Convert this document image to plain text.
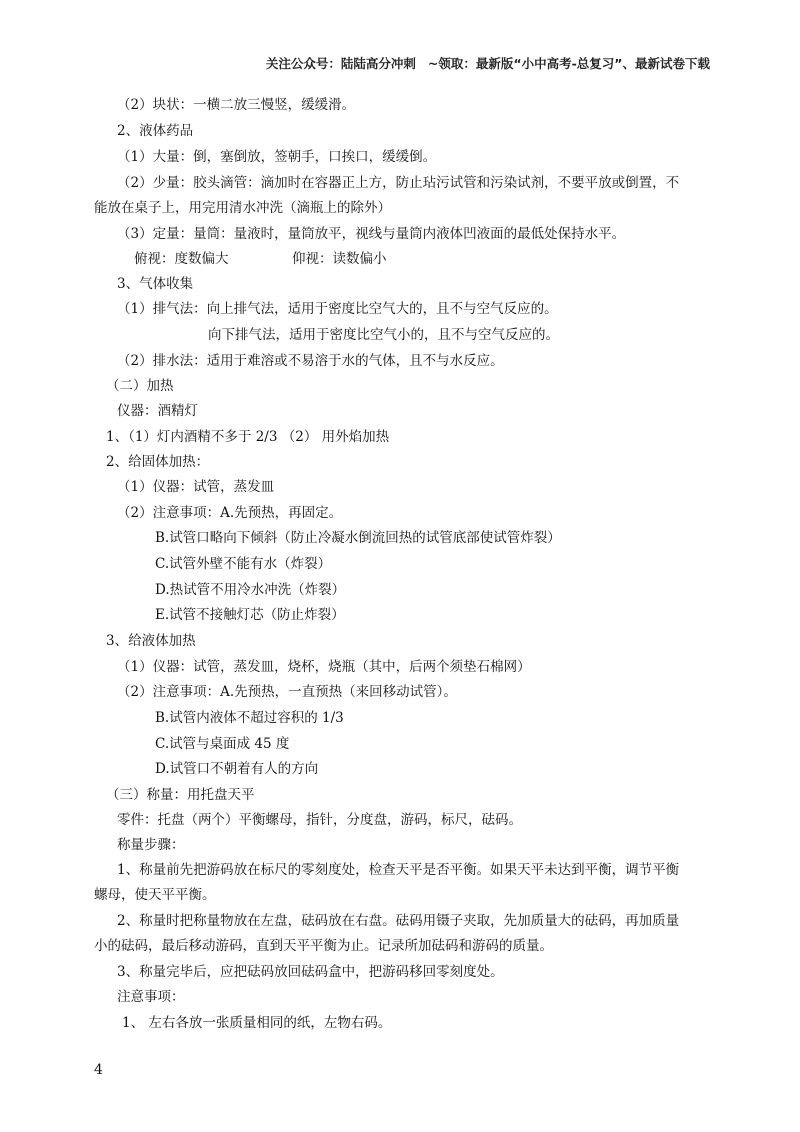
关注公众号：陆陆高分冲刺 ~领取：最新版“小中高考-总复习”、最新试卷下载
（2）块状：一横二放三慢竖，缓缓滑。
2、液体药品
（1）大量：倒，塞倒放，签朝手，口挨口，缓缓倒。
（2）少量：胶头滴管：滴加时在容器正上方，防止玷污试管和污染试剂，不要平放或倒置，不
能放在桌子上，用完用清水冲洗（滴瓶上的除外）
（3）定量：量筒：量液时，量筒放平，视线与量筒内液体凹液面的最低处保持水平。
俯视：度数偏大	仰视：读数偏小
3、气体收集
（1）排气法：向上排气法，适用于密度比空气大的，且不与空气反应的。
向下排气法，适用于密度比空气小的，且不与空气反应的。
（2）排水法：适用于难溶或不易溶于水的气体，且不与水反应。
（二）加热
仪器：酒精灯
1、（1）灯内酒精不多于 2/3 （2） 用外焰加热
2、给固体加热：
（1）仪器：试管，蒸发皿
（2）注意事项：A.先预热，再固定。
B.试管口略向下倾斜（防止冷凝水倒流回热的试管底部使试管炸裂）
C.试管外壁不能有水（炸裂）
D.热试管不用冷水冲洗（炸裂）
E.试管不接触灯芯（防止炸裂）
3、给液体加热
（1）仪器：试管，蒸发皿，烧杯，烧瓶（其中，后两个须垫石棉网）
（2）注意事项：A.先预热，一直预热（来回移动试管）。
B.试管内液体不超过容积的 1/3
C.试管与桌面成 45 度
D.试管口不朝着有人的方向
（三）称量：用托盘天平
零件：托盘（两个）平衡螺母，指针，分度盘，游码，标尺，砝码。
称量步骤：
1、称量前先把游码放在标尺的零刻度处，检查天平是否平衡。如果天平未达到平衡，调节平衡
螺母，使天平平衡。
2、称量时把称量物放在左盘，砝码放在右盘。砝码用镊子夹取，先加质量大的砝码，再加质量
小的砝码，最后移动游码，直到天平平衡为止。记录所加砝码和游码的质量。
3、称量完毕后，应把砝码放回砝码盒中，把游码移回零刻度处。
注意事项：
1、 左右各放一张质量相同的纸，左物右码。
4
